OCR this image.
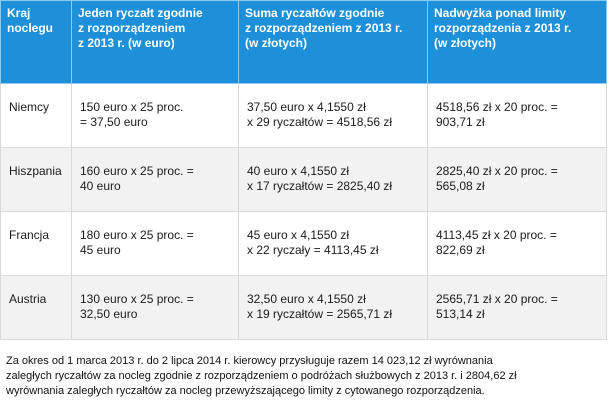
Kraj
noclegu	Jeden ryczałt zgodnie
z rozporządzeniem
z 2013 r. (w euro)	Suma ryczałtów zgodnie
z rozporządzeniem z 2013 r.
(w złotych)	Nadwyżka ponad limity
rozporządzenia z 2013 r.
(w złotych)

Niemcy	150 euro x 25 proc.
= 37,50 euro	37,50 euro x 4,1550 zł
x 29 ryczałtów = 4518,56 zł	4518,56 zł x 20 proc. =
903,71 zł

Hiszpania	160 euro x 25 proc. =
40 euro	40 euro x 4,1550 zł
x 17 ryczałtów = 2825,40 zł	2825,40 zł x 20 proc. =
565,08 zł

Francja	180 euro x 25 proc. =
45 euro	45 euro x 4,1550 zł
x 22 ryczały = 4113,45 zł	4113,45 zł x 20 proc. =
822,69 zł

Austria	130 euro x 25 proc. =
32,50 euro	32,50 euro x 4,1550 zł
x 19 ryczałtów = 2565,71 zł	2565,71 zł x 20 proc. =
513,14 zł
Za okres od 1 marca 2013 r. do 2 lipca 2014 r. kierowcy przysługuje razem 14 023,12 zł wyrównania
zaległych ryczałtów za nocleg zgodnie z rozporządzeniem o podróżach służbowych z 2013 r. i 2804,62 zł
wyrównania zaległych ryczałtów za nocleg przewyższającego limity z cytowanego rozporządzenia.
